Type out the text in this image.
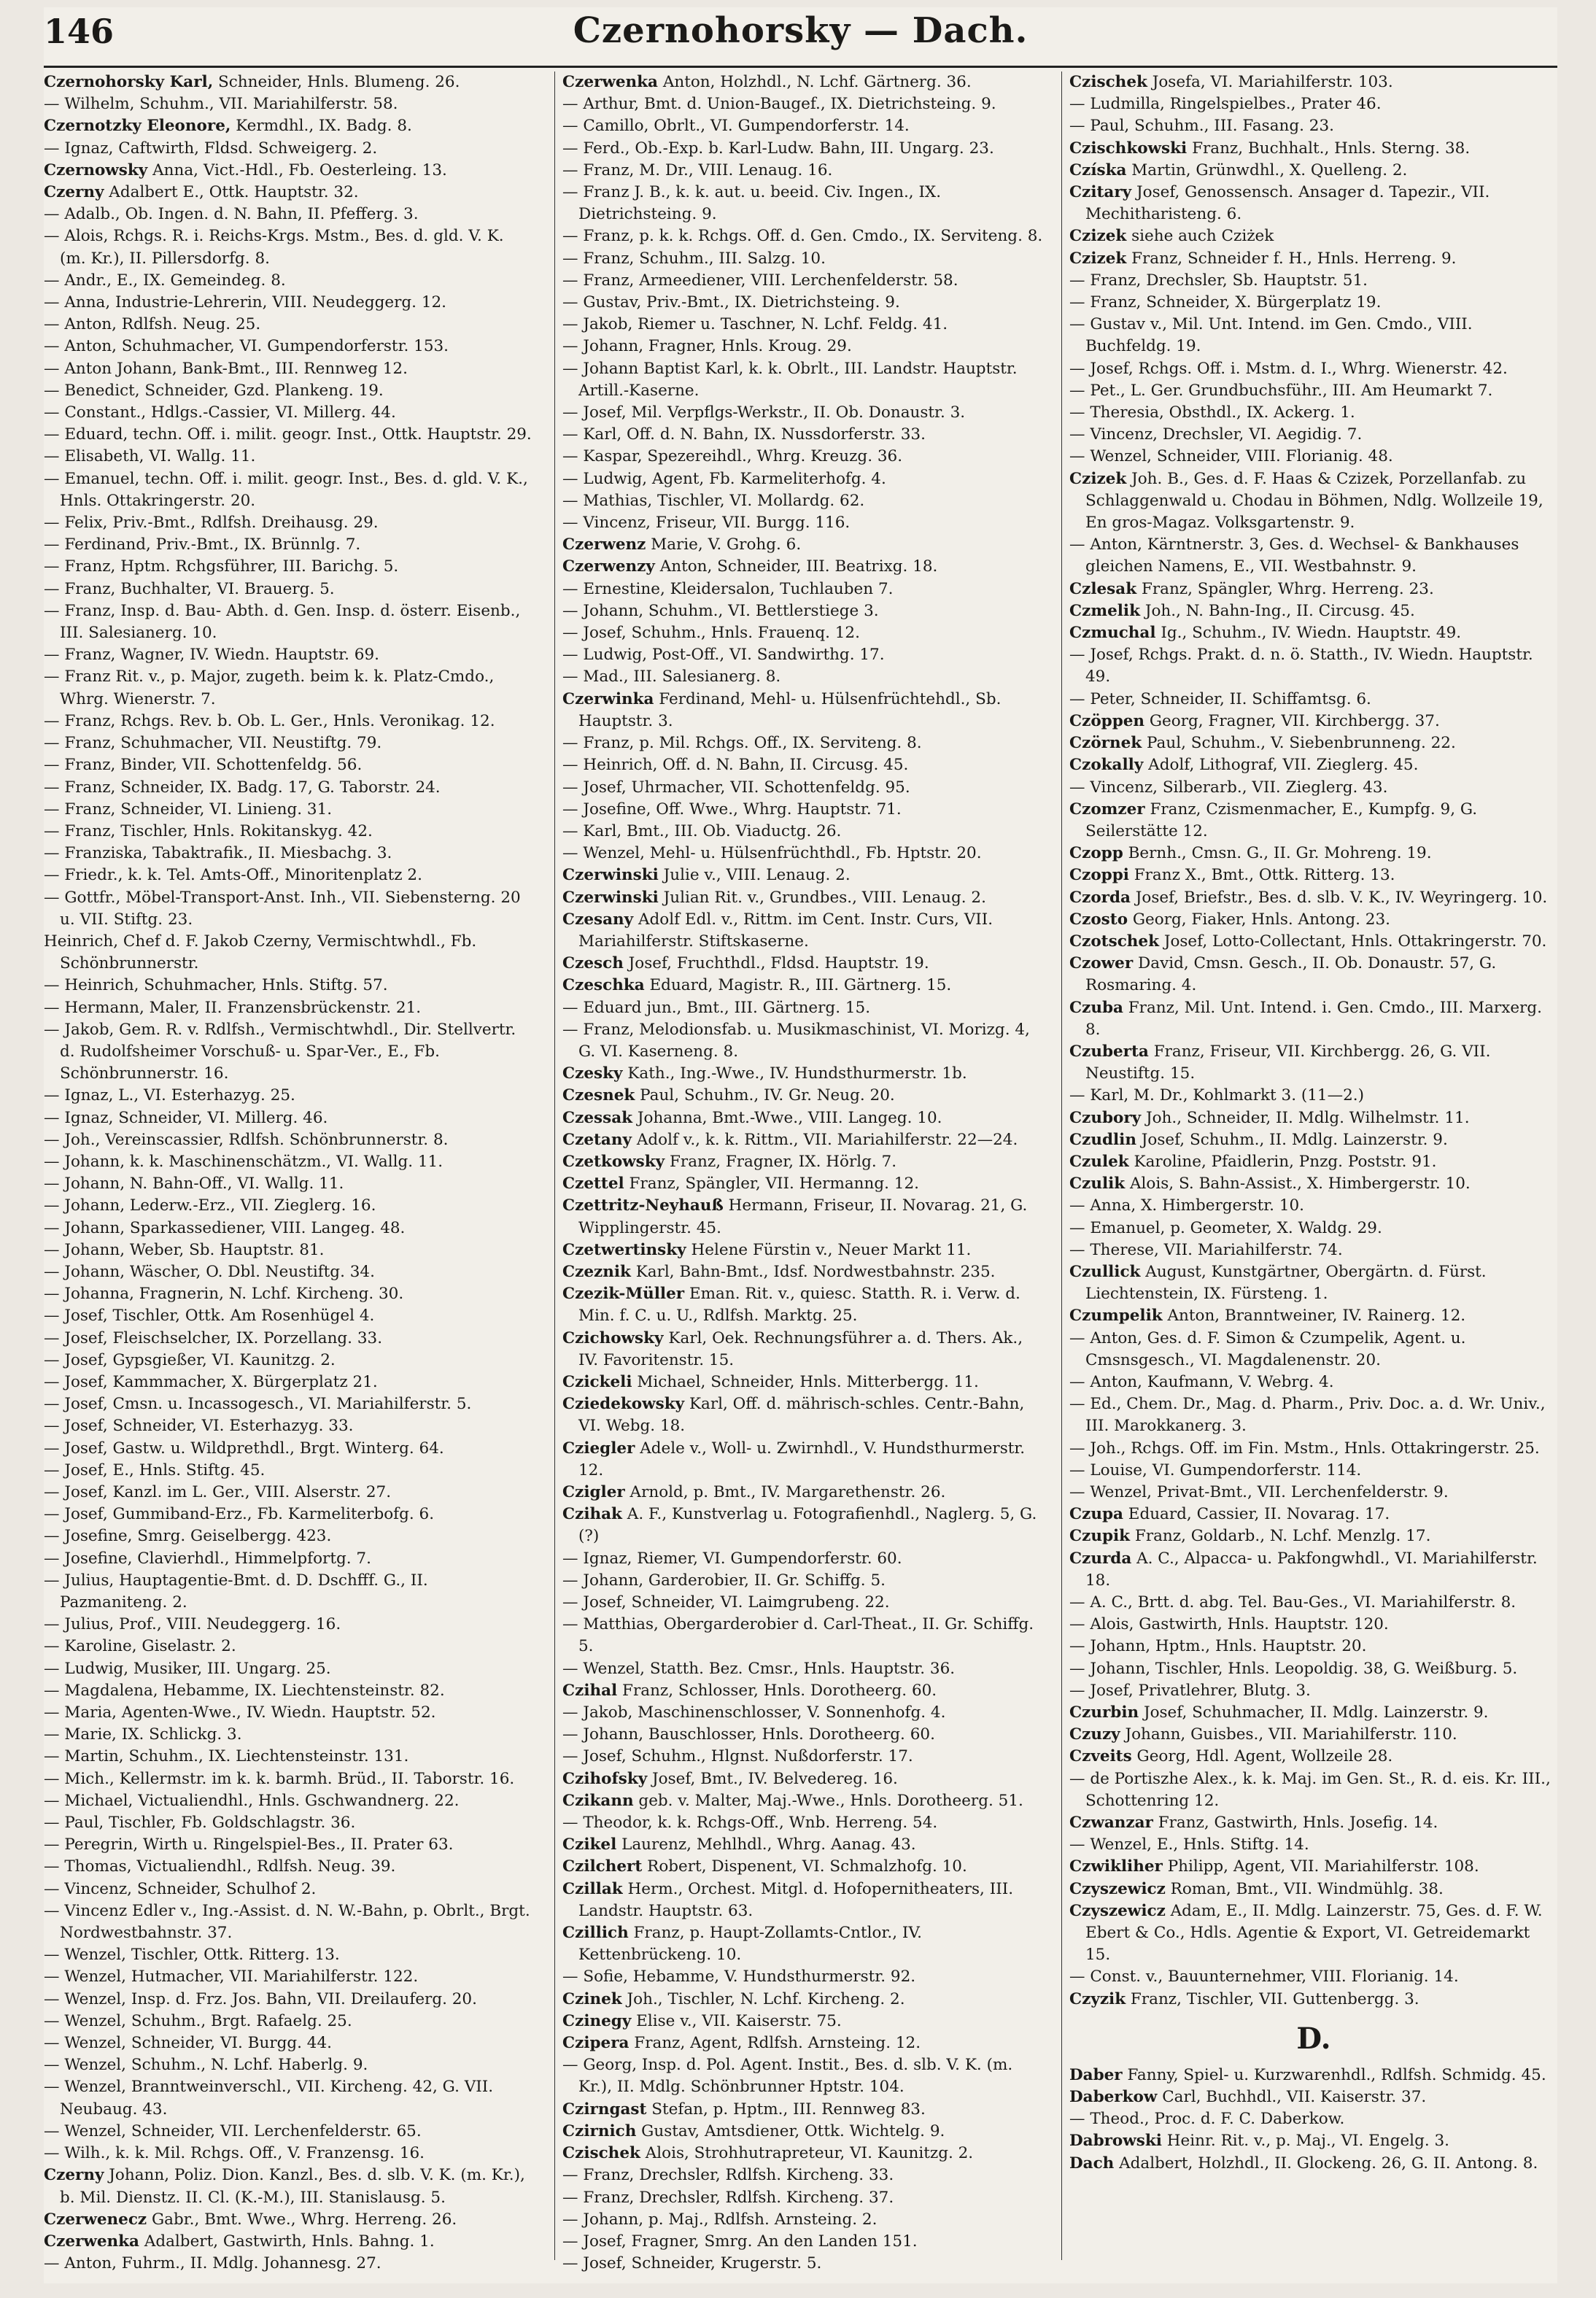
146	Czernohorsky — Dach.
Czernohorsky Karl, Schneider, Hnls. Blumeng. 26.
— Wilhelm, Schuhm., VII. Mariahilferstr. 58.
Czernotzky Eleonore, Kermdhl., IX. Badg. 8.
— Ignaz, Caftwirth, Fldsd. Schweigerg. 2.
Czernowsky Anna, Vict.-Hdl., Fb. Oesterleing. 13.
Czerny Adalbert E., Ottk. Hauptstr. 32.
— Adalb., Ob. Ingen. d. N. Bahn, II. Pfefferg. 3.
— Alois, Rchgs. R. i. Reichs-Krgs. Mstm., Bes. d. gld. V. K. (m. Kr.), II. Pillersdorfg. 8.
— Andr., E., IX. Gemeindeg. 8.
— Anna, Industrie-Lehrerin, VIII. Neudeggerg. 12.
— Anton, Rdlfsh. Neug. 25.
— Anton, Schuhmacher, VI. Gumpendorferstr. 153.
— Anton Johann, Bank-Bmt., III. Rennweg 12.
— Benedict, Schneider, Gzd. Plankeng. 19.
— Constant., Hdlgs.-Cassier, VI. Millerg. 44.
— Eduard, techn. Off. i. milit. geogr. Inst., Ottk. Hauptstr. 29.
— Elisabeth, VI. Wallg. 11.
— Emanuel, techn. Off. i. milit. geogr. Inst., Bes. d. gld. V. K., Hnls. Ottakringerstr. 20.
— Felix, Priv.-Bmt., Rdlfsh. Dreihausg. 29.
— Ferdinand, Priv.-Bmt., IX. Brünnlg. 7.
— Franz, Hptm. Rchgsführer, III. Barichg. 5.
— Franz, Buchhalter, VI. Brauerg. 5.
— Franz, Insp. d. Bau- Abth. d. Gen. Insp. d. österr. Eisenb., III. Salesianerg. 10.
— Franz, Wagner, IV. Wiedn. Hauptstr. 69.
— Franz Rit. v., p. Major, zugeth. beim k. k. Platz-Cmdo., Whrg. Wienerstr. 7.
— Franz, Rchgs. Rev. b. Ob. L. Ger., Hnls. Veronikag. 12.
— Franz, Schuhmacher, VII. Neustiftg. 79.
— Franz, Binder, VII. Schottenfeldg. 56.
— Franz, Schneider, IX. Badg. 17, G. Taborstr. 24.
— Franz, Schneider, VI. Linieng. 31.
— Franz, Tischler, Hnls. Rokitanskyg. 42.
— Franziska, Tabaktrafik., II. Miesbachg. 3.
— Friedr., k. k. Tel. Amts-Off., Minoritenplatz 2.
— Gottfr., Möbel-Transport-Anst. Inh., VII. Siebensterng. 20 u. VII. Stiftg. 23.
Heinrich, Chef d. F. Jakob Czerny, Vermischtwhdl., Fb. Schönbrunnerstr.
— Heinrich, Schuhmacher, Hnls. Stiftg. 57.
— Hermann, Maler, II. Franzensbrückenstr. 21.
— Jakob, Gem. R. v. Rdlfsh., Vermischtwhdl., Dir. Stellvertr. d. Rudolfsheimer Vorschuß- u. Spar-Ver., E., Fb. Schönbrunnerstr. 16.
— Ignaz, L., VI. Esterhazyg. 25.
— Ignaz, Schneider, VI. Millerg. 46.
— Joh., Vereinscassier, Rdlfsh. Schönbrunnerstr. 8.
— Johann, k. k. Maschinenschätzm., VI. Wallg. 11.
— Johann, N. Bahn-Off., VI. Wallg. 11.
— Johann, Lederw.-Erz., VII. Zieglerg. 16.
— Johann, Sparkassediener, VIII. Langeg. 48.
— Johann, Weber, Sb. Hauptstr. 81.
— Johann, Wäscher, O. Dbl. Neustiftg. 34.
— Johanna, Fragnerin, N. Lchf. Kircheng. 30.
— Josef, Tischler, Ottk. Am Rosenhügel 4.
— Josef, Fleischselcher, IX. Porzellang. 33.
— Josef, Gypsgießer, VI. Kaunitzg. 2.
— Josef, Kammmacher, X. Bürgerplatz 21.
— Josef, Cmsn. u. Incassogesch., VI. Mariahilferstr. 5.
— Josef, Schneider, VI. Esterhazyg. 33.
— Josef, Gastw. u. Wildprethdl., Brgt. Winterg. 64.
— Josef, E., Hnls. Stiftg. 45.
— Josef, Kanzl. im L. Ger., VIII. Alserstr. 27.
— Josef, Gummiband-Erz., Fb. Karmeliterbofg. 6.
— Josefine, Smrg. Geiselbergg. 423.
— Josefine, Clavierhdl., Himmelpfortg. 7.
— Julius, Hauptagentie-Bmt. d. D. Dschfff. G., II. Pazmaniteng. 2.
— Julius, Prof., VIII. Neudeggerg. 16.
— Karoline, Giselastr. 2.
— Ludwig, Musiker, III. Ungarg. 25.
— Magdalena, Hebamme, IX. Liechtensteinstr. 82.
— Maria, Agenten-Wwe., IV. Wiedn. Hauptstr. 52.
— Marie, IX. Schlickg. 3.
— Martin, Schuhm., IX. Liechtensteinstr. 131.
— Mich., Kellermstr. im k. k. barmh. Brüd., II. Taborstr. 16.
— Michael, Victualiendhl., Hnls. Gschwandnerg. 22.
— Paul, Tischler, Fb. Goldschlagstr. 36.
— Peregrin, Wirth u. Ringelspiel-Bes., II. Prater 63.
— Thomas, Victualiendhl., Rdlfsh. Neug. 39.
— Vincenz, Schneider, Schulhof 2.
— Vincenz Edler v., Ing.-Assist. d. N. W.-Bahn, p. Obrlt., Brgt. Nordwestbahnstr. 37.
— Wenzel, Tischler, Ottk. Ritterg. 13.
— Wenzel, Hutmacher, VII. Mariahilferstr. 122.
— Wenzel, Insp. d. Frz. Jos. Bahn, VII. Dreilauferg. 20.
— Wenzel, Schuhm., Brgt. Rafaelg. 25.
— Wenzel, Schneider, VI. Burgg. 44.
— Wenzel, Schuhm., N. Lchf. Haberlg. 9.
— Wenzel, Branntweinverschl., VII. Kircheng. 42, G. VII. Neubaug. 43.
— Wenzel, Schneider, VII. Lerchenfelderstr. 65.
— Wilh., k. k. Mil. Rchgs. Off., V. Franzensg. 16.
Czerny Johann, Poliz. Dion. Kanzl., Bes. d. slb. V. K. (m. Kr.), b. Mil. Dienstz. II. Cl. (K.-M.), III. Stanislausg. 5.
Czerwenecz Gabr., Bmt. Wwe., Whrg. Herreng. 26.
Czerwenka Adalbert, Gastwirth, Hnls. Bahng. 1.
— Anton, Fuhrm., II. Mdlg. Johannesg. 27.
Czerwenka Anton, Holzhdl., N. Lchf. Gärtnerg. 36.
— Arthur, Bmt. d. Union-Baugef., IX. Dietrichsteing. 9.
— Camillo, Obrlt., VI. Gumpendorferstr. 14.
— Ferd., Ob.-Exp. b. Karl-Ludw. Bahn, III. Ungarg. 23.
— Franz, M. Dr., VIII. Lenaug. 16.
— Franz J. B., k. k. aut. u. beeid. Civ. Ingen., IX. Dietrichsteing. 9.
— Franz, p. k. k. Rchgs. Off. d. Gen. Cmdo., IX. Serviteng. 8.
— Franz, Schuhm., III. Salzg. 10.
— Franz, Armeediener, VIII. Lerchenfelderstr. 58.
— Gustav, Priv.-Bmt., IX. Dietrichsteing. 9.
— Jakob, Riemer u. Taschner, N. Lchf. Feldg. 41.
— Johann, Fragner, Hnls. Kroug. 29.
— Johann Baptist Karl, k. k. Obrlt., III. Landstr. Hauptstr. Artill.-Kaserne.
— Josef, Mil. Verpflgs-Werkstr., II. Ob. Donaustr. 3.
— Karl, Off. d. N. Bahn, IX. Nussdorferstr. 33.
— Kaspar, Spezereihdl., Whrg. Kreuzg. 36.
— Ludwig, Agent, Fb. Karmeliterhofg. 4.
— Mathias, Tischler, VI. Mollardg. 62.
— Vincenz, Friseur, VII. Burgg. 116.
Czerwenz Marie, V. Grohg. 6.
Czerwenzy Anton, Schneider, III. Beatrixg. 18.
— Ernestine, Kleidersalon, Tuchlauben 7.
— Johann, Schuhm., VI. Bettlerstiege 3.
— Josef, Schuhm., Hnls. Frauenq. 12.
— Ludwig, Post-Off., VI. Sandwirthg. 17.
— Mad., III. Salesianerg. 8.
Czerwinka Ferdinand, Mehl- u. Hülsenfrüchtehdl., Sb. Hauptstr. 3.
— Franz, p. Mil. Rchgs. Off., IX. Serviteng. 8.
— Heinrich, Off. d. N. Bahn, II. Circusg. 45.
— Josef, Uhrmacher, VII. Schottenfeldg. 95.
— Josefine, Off. Wwe., Whrg. Hauptstr. 71.
— Karl, Bmt., III. Ob. Viaductg. 26.
— Wenzel, Mehl- u. Hülsenfrüchthdl., Fb. Hptstr. 20.
Czerwinski Julie v., VIII. Lenaug. 2.
Czerwinski Julian Rit. v., Grundbes., VIII. Lenaug. 2.
Czesany Adolf Edl. v., Rittm. im Cent. Instr. Curs, VII. Mariahilferstr. Stiftskaserne.
Czesch Josef, Fruchthdl., Fldsd. Hauptstr. 19.
Czeschka Eduard, Magistr. R., III. Gärtnerg. 15.
— Eduard jun., Bmt., III. Gärtnerg. 15.
— Franz, Melodionsfab. u. Musikmaschinist, VI. Morizg. 4, G. VI. Kaserneng. 8.
Czesky Kath., Ing.-Wwe., IV. Hundsthurmerstr. 1b.
Czesnek Paul, Schuhm., IV. Gr. Neug. 20.
Czessak Johanna, Bmt.-Wwe., VIII. Langeg. 10.
Czetany Adolf v., k. k. Rittm., VII. Mariahilferstr. 22—24.
Czetkowsky Franz, Fragner, IX. Hörlg. 7.
Czettel Franz, Spängler, VII. Hermanng. 12.
Czettritz-Neyhauß Hermann, Friseur, II. Novarag. 21, G. Wipplingerstr. 45.
Czetwertinsky Helene Fürstin v., Neuer Markt 11.
Czeznik Karl, Bahn-Bmt., Idsf. Nordwestbahnstr. 235.
Czezik-Müller Eman. Rit. v., quiesc. Statth. R. i. Verw. d. Min. f. C. u. U., Rdlfsh. Marktg. 25.
Czichowsky Karl, Oek. Rechnungsführer a. d. Thers. Ak., IV. Favoritenstr. 15.
Czickeli Michael, Schneider, Hnls. Mitterbergg. 11.
Cziedekowsky Karl, Off. d. mährisch-schles. Centr.-Bahn, VI. Webg. 18.
Cziegler Adele v., Woll- u. Zwirnhdl., V. Hundsthurmerstr. 12.
Czigler Arnold, p. Bmt., IV. Margarethenstr. 26.
Czihak A. F., Kunstverlag u. Fotografienhdl., Naglerg. 5, G. (?)
— Ignaz, Riemer, VI. Gumpendorferstr. 60.
— Johann, Garderobier, II. Gr. Schiffg. 5.
— Josef, Schneider, VI. Laimgrubeng. 22.
— Matthias, Obergarderobier d. Carl-Theat., II. Gr. Schiffg. 5.
— Wenzel, Statth. Bez. Cmsr., Hnls. Hauptstr. 36.
Czihal Franz, Schlosser, Hnls. Dorotheerg. 60.
— Jakob, Maschinenschlosser, V. Sonnenhofg. 4.
— Johann, Bauschlosser, Hnls. Dorotheerg. 60.
— Josef, Schuhm., Hlgnst. Nußdorferstr. 17.
Czihofsky Josef, Bmt., IV. Belvedereg. 16.
Czikann geb. v. Malter, Maj.-Wwe., Hnls. Dorotheerg. 51.
— Theodor, k. k. Rchgs-Off., Wnb. Herreng. 54.
Czikel Laurenz, Mehlhdl., Whrg. Aanag. 43.
Czilchert Robert, Dispenent, VI. Schmalzhofg. 10.
Czillak Herm., Orchest. Mitgl. d. Hofopernitheaters, III. Landstr. Hauptstr. 63.
Czillich Franz, p. Haupt-Zollamts-Cntlor., IV. Kettenbrückeng. 10.
— Sofie, Hebamme, V. Hundsthurmerstr. 92.
Czinek Joh., Tischler, N. Lchf. Kircheng. 2.
Czinegy Elise v., VII. Kaiserstr. 75.
Czipera Franz, Agent, Rdlfsh. Arnsteing. 12.
— Georg, Insp. d. Pol. Agent. Instit., Bes. d. slb. V. K. (m. Kr.), II. Mdlg. Schönbrunner Hptstr. 104.
Czirngast Stefan, p. Hptm., III. Rennweg 83.
Czirnich Gustav, Amtsdiener, Ottk. Wichtelg. 9.
Czischek Alois, Strohhutrapreteur, VI. Kaunitzg. 2.
— Franz, Drechsler, Rdlfsh. Kircheng. 33.
— Franz, Drechsler, Rdlfsh. Kircheng. 37.
— Johann, p. Maj., Rdlfsh. Arnsteing. 2.
— Josef, Fragner, Smrg. An den Landen 151.
— Josef, Schneider, Krugerstr. 5.
Czischek Josefa, VI. Mariahilferstr. 103.
— Ludmilla, Ringelspielbes., Prater 46.
— Paul, Schuhm., III. Fasang. 23.
Czischkowski Franz, Buchhalt., Hnls. Sterng. 38.
Czíska Martin, Grünwdhl., X. Quelleng. 2.
Czitary Josef, Genossensch. Ansager d. Tapezir., VII. Mechitharisteng. 6.
Czizek siehe auch Cziżek
Czizek Franz, Schneider f. H., Hnls. Herreng. 9.
— Franz, Drechsler, Sb. Hauptstr. 51.
— Franz, Schneider, X. Bürgerplatz 19.
— Gustav v., Mil. Unt. Intend. im Gen. Cmdo., VIII. Buchfeldg. 19.
— Josef, Rchgs. Off. i. Mstm. d. I., Whrg. Wienerstr. 42.
— Pet., L. Ger. Grundbuchsführ., III. Am Heumarkt 7.
— Theresia, Obsthdl., IX. Ackerg. 1.
— Vincenz, Drechsler, VI. Aegidig. 7.
— Wenzel, Schneider, VIII. Florianig. 48.
Czizek Joh. B., Ges. d. F. Haas & Czizek, Porzellanfab. zu Schlaggenwald u. Chodau in Böhmen, Ndlg. Wollzeile 19, En gros-Magaz. Volksgartenstr. 9.
— Anton, Kärntnerstr. 3, Ges. d. Wechsel- & Bankhauses gleichen Namens, E., VII. Westbahnstr. 9.
Czlesak Franz, Spängler, Whrg. Herreng. 23.
Czmelik Joh., N. Bahn-Ing., II. Circusg. 45.
Czmuchal Ig., Schuhm., IV. Wiedn. Hauptstr. 49.
— Josef, Rchgs. Prakt. d. n. ö. Statth., IV. Wiedn. Hauptstr. 49.
— Peter, Schneider, II. Schiffamtsg. 6.
Czöppen Georg, Fragner, VII. Kirchbergg. 37.
Czörnek Paul, Schuhm., V. Siebenbrunneng. 22.
Czokally Adolf, Lithograf, VII. Zieglerg. 45.
— Vincenz, Silberarb., VII. Zieglerg. 43.
Czomzer Franz, Czismenmacher, E., Kumpfg. 9, G. Seilerstätte 12.
Czopp Bernh., Cmsn. G., II. Gr. Mohreng. 19.
Czoppi Franz X., Bmt., Ottk. Ritterg. 13.
Czorda Josef, Briefstr., Bes. d. slb. V. K., IV. Weyringerg. 10.
Czosto Georg, Fiaker, Hnls. Antong. 23.
Czotschek Josef, Lotto-Collectant, Hnls. Ottakringerstr. 70.
Czower David, Cmsn. Gesch., II. Ob. Donaustr. 57, G. Rosmaring. 4.
Czuba Franz, Mil. Unt. Intend. i. Gen. Cmdo., III. Marxerg. 8.
Czuberta Franz, Friseur, VII. Kirchbergg. 26, G. VII. Neustiftg. 15.
— Karl, M. Dr., Kohlmarkt 3. (11—2.)
Czubory Joh., Schneider, II. Mdlg. Wilhelmstr. 11.
Czudlin Josef, Schuhm., II. Mdlg. Lainzerstr. 9.
Czulek Karoline, Pfaidlerin, Pnzg. Poststr. 91.
Czulik Alois, S. Bahn-Assist., X. Himbergerstr. 10.
— Anna, X. Himbergerstr. 10.
— Emanuel, p. Geometer, X. Waldg. 29.
— Therese, VII. Mariahilferstr. 74.
Czullick August, Kunstgärtner, Obergärtn. d. Fürst. Liechtenstein, IX. Fürsteng. 1.
Czumpelik Anton, Branntweiner, IV. Rainerg. 12.
— Anton, Ges. d. F. Simon & Czumpelik, Agent. u. Cmsnsgesch., VI. Magdalenenstr. 20.
— Anton, Kaufmann, V. Webrg. 4.
— Ed., Chem. Dr., Mag. d. Pharm., Priv. Doc. a. d. Wr. Univ., III. Marokkanerg. 3.
— Joh., Rchgs. Off. im Fin. Mstm., Hnls. Ottakringerstr. 25.
— Louise, VI. Gumpendorferstr. 114.
— Wenzel, Privat-Bmt., VII. Lerchenfelderstr. 9.
Czupa Eduard, Cassier, II. Novarag. 17.
Czupik Franz, Goldarb., N. Lchf. Menzlg. 17.
Czurda A. C., Alpacca- u. Pakfongwhdl., VI. Mariahilferstr. 18.
— A. C., Brtt. d. abg. Tel. Bau-Ges., VI. Mariahilferstr. 8.
— Alois, Gastwirth, Hnls. Hauptstr. 120.
— Johann, Hptm., Hnls. Hauptstr. 20.
— Johann, Tischler, Hnls. Leopoldig. 38, G. Weißburg. 5.
— Josef, Privatlehrer, Blutg. 3.
Czurbin Josef, Schuhmacher, II. Mdlg. Lainzerstr. 9.
Czuzy Johann, Guisbes., VII. Mariahilferstr. 110.
Czveits Georg, Hdl. Agent, Wollzeile 28.
— de Portiszhe Alex., k. k. Maj. im Gen. St., R. d. eis. Kr. III., Schottenring 12.
Czwanzar Franz, Gastwirth, Hnls. Josefig. 14.
— Wenzel, E., Hnls. Stiftg. 14.
Czwikliher Philipp, Agent, VII. Mariahilferstr. 108.
Czyszewicz Roman, Bmt., VII. Windmühlg. 38.
Czyszewicz Adam, E., II. Mdlg. Lainzerstr. 75, Ges. d. F. W. Ebert & Co., Hdls. Agentie & Export, VI. Getreidemarkt 15.
— Const. v., Bauunternehmer, VIII. Florianig. 14.
Czyzik Franz, Tischler, VII. Guttenbergg. 3.
D.
Daber Fanny, Spiel- u. Kurzwarenhdl., Rdlfsh. Schmidg. 45.
Daberkow Carl, Buchhdl., VII. Kaiserstr. 37.
— Theod., Proc. d. F. C. Daberkow.
Dabrowski Heinr. Rit. v., p. Maj., VI. Engelg. 3.
Dach Adalbert, Holzhdl., II. Glockeng. 26, G. II. Antong. 8.
